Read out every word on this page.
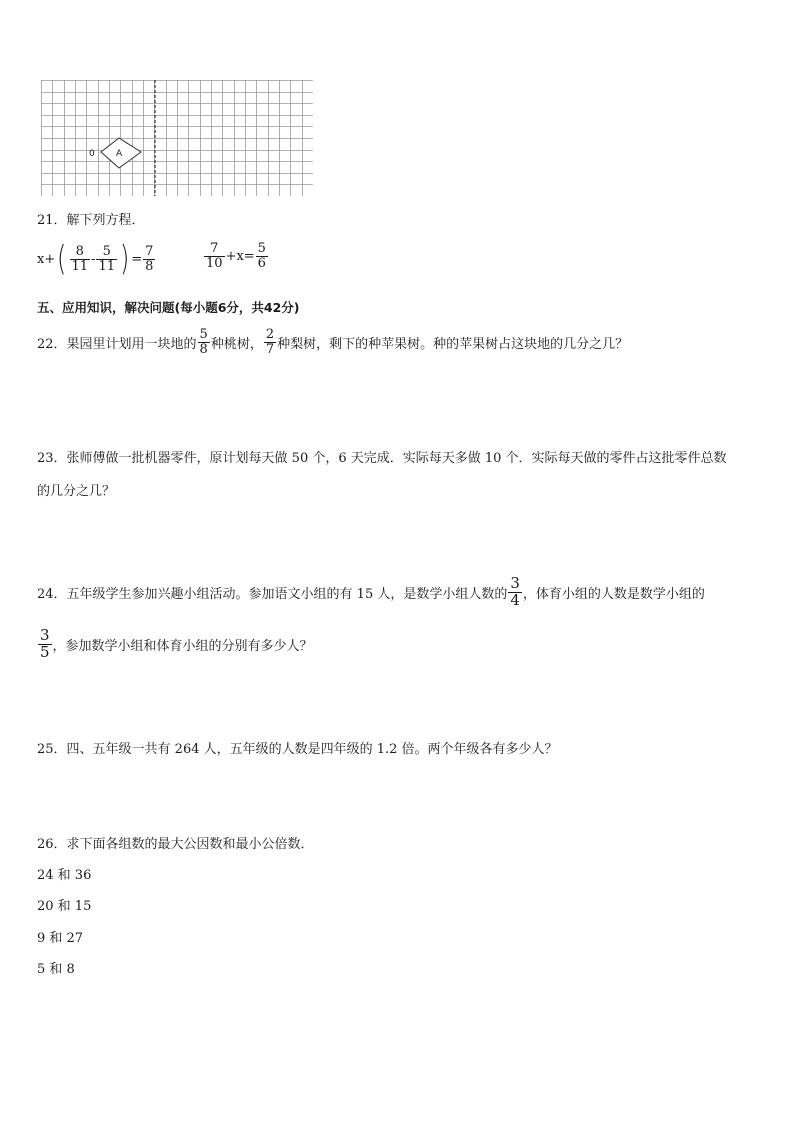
0 A
21．解下列方程．
x+ ( $\frac{8}{11} - \frac{5}{11}$ ) = $\frac{7}{8}$	$\frac{7}{10} +x= \frac{5}{6}$
五、应用知识，解决问题(每小题6分，共42分)
22．果园里计划用一块地的 $\frac{5}{8}$ 种桃树， $\frac{2}{7}$ 种梨树，剩下的种苹果树。种的苹果树占这块地的几分之几？
23．张师傅做一批机器零件，原计划每天做 50 个，6 天完成．实际每天多做 10 个．实际每天做的零件占这批零件总数
的几分之几？
24．五年级学生参加兴趣小组活动。参加语文小组的有 15 人，是数学小组人数的 $\frac{3}{4}$ ，体育小组的人数是数学小组的
$\frac{3}{5}$ ，参加数学小组和体育小组的分别有多少人？
25．四、五年级一共有 264 人，五年级的人数是四年级的 1.2 倍。两个年级各有多少人？
26．求下面各组数的最大公因数和最小公倍数．
24 和 36
20 和 15
9 和 27
5 和 8
